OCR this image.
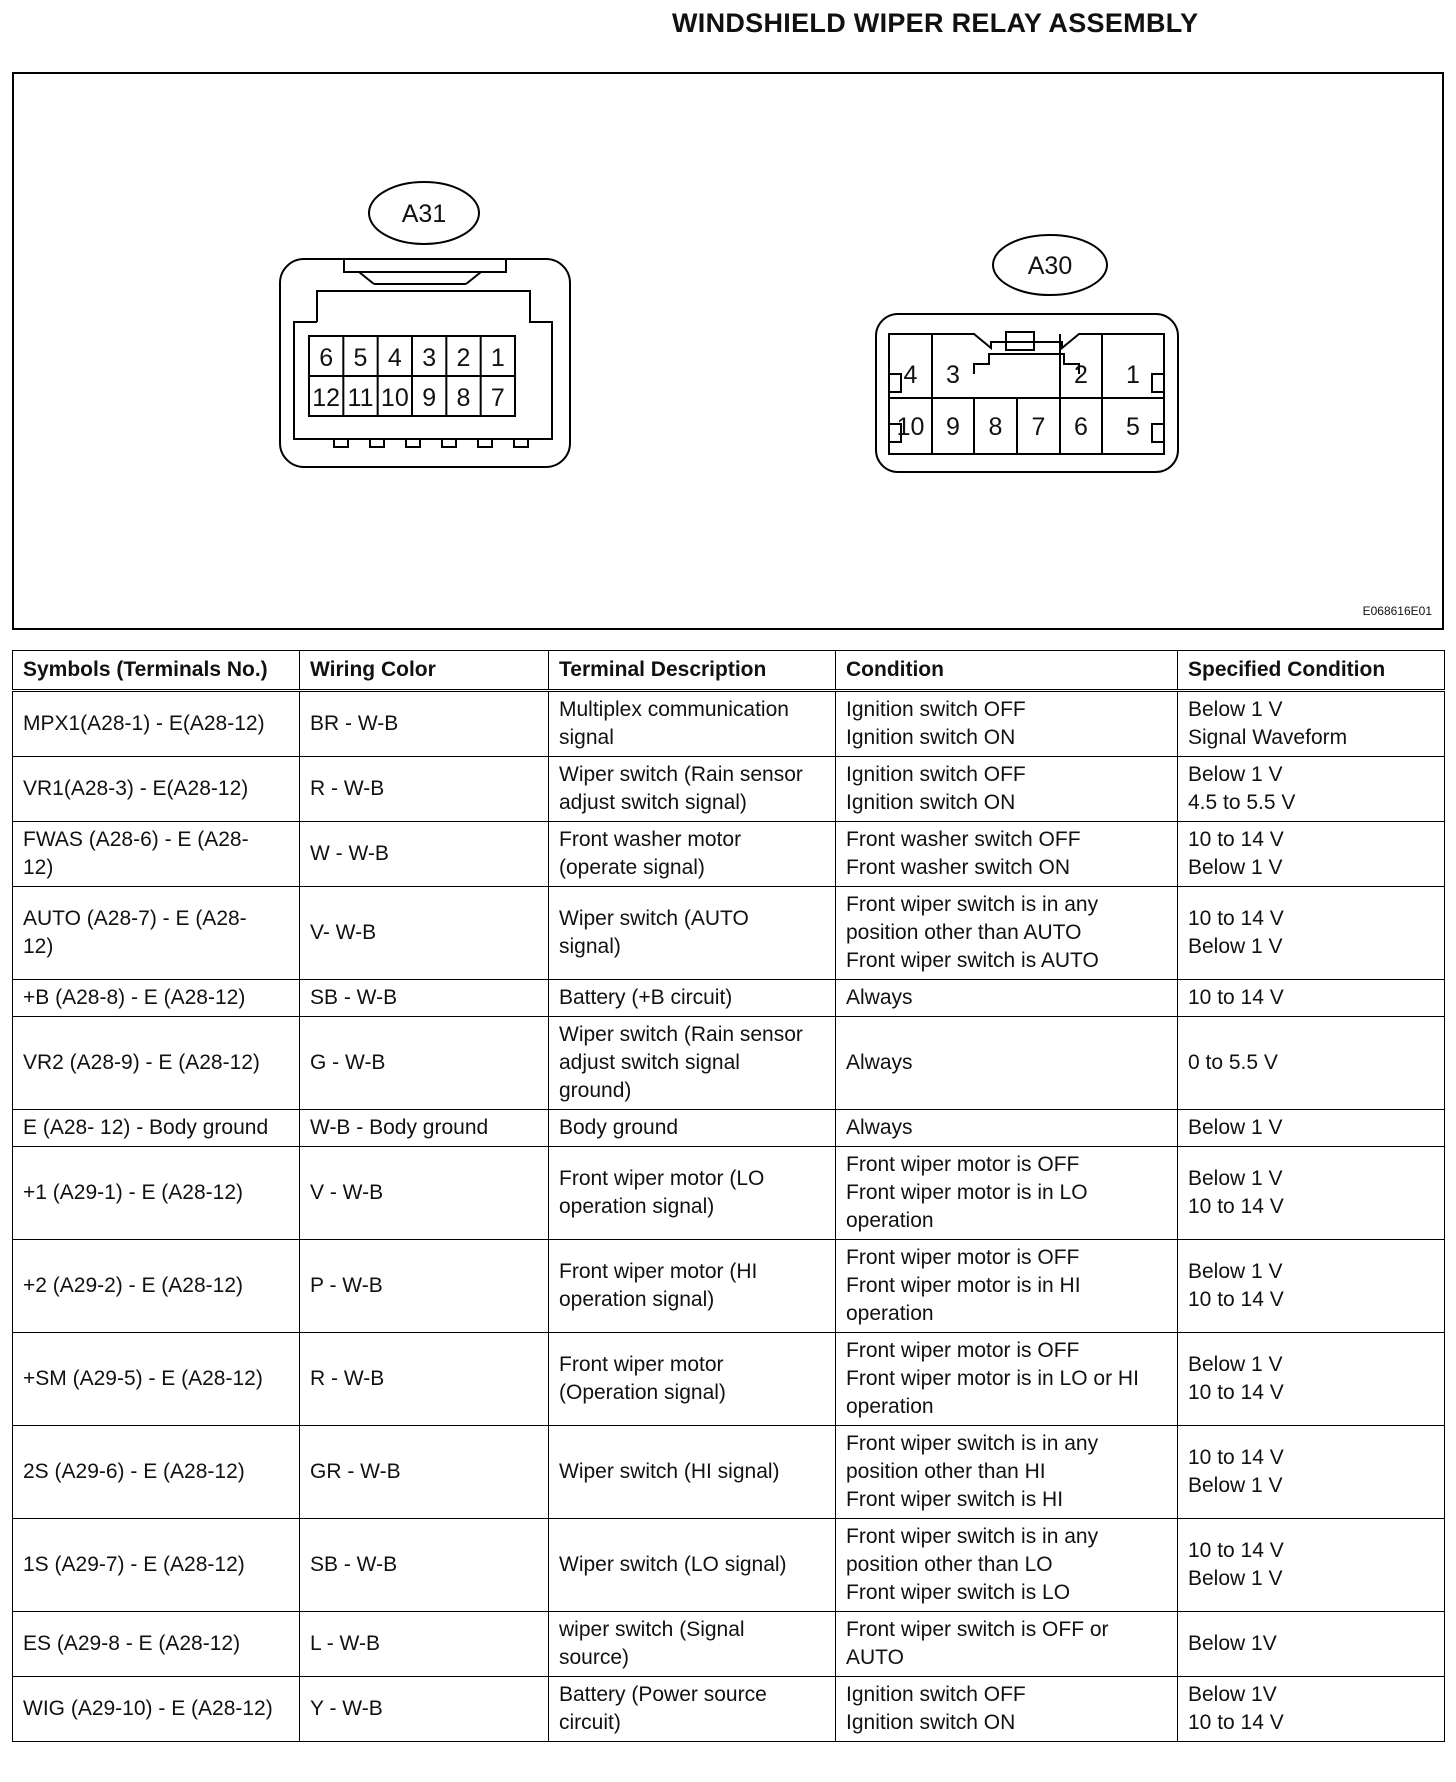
WINDSHIELD WIPER RELAY ASSEMBLY
6 5 4 3 2 1
12 11 10 9 8 7
A31
4 3	2 1
10 9 8 7 6 5
A30
E068616E01
Symbols (Terminals No.)	Wiring Color	Terminal Description	Condition	Specified Condition

MPX1(A28-1) - E(A28-12)	BR - W-B	Multiplex communication
signal	Ignition switch OFF
Ignition switch ON	Below 1 V
Signal Waveform

VR1(A28-3) - E(A28-12)	R - W-B	Wiper switch (Rain sensor
adjust switch signal)	Ignition switch OFF
Ignition switch ON	Below 1 V
4.5 to 5.5 V

FWAS (A28-6) - E (A28-
12)	W - W-B	Front washer motor
(operate signal)	Front washer switch OFF
Front washer switch ON	10 to 14 V
Below 1 V

AUTO (A28-7) - E (A28-
12)	V- W-B	Wiper switch (AUTO
signal)	Front wiper switch is in any
position other than AUTO
Front wiper switch is AUTO	10 to 14 V
Below 1 V

+B (A28-8) - E (A28-12)	SB - W-B	Battery (+B circuit)	Always	10 to 14 V

VR2 (A28-9) - E (A28-12)	G - W-B	Wiper switch (Rain sensor
adjust switch signal
ground)	Always	0 to 5.5 V

E (A28- 12) - Body ground	W-B - Body ground	Body ground	Always	Below 1 V

+1 (A29-1) - E (A28-12)	V - W-B	Front wiper motor (LO
operation signal)	Front wiper motor is OFF
Front wiper motor is in LO
operation	Below 1 V
10 to 14 V

+2 (A29-2) - E (A28-12)	P - W-B	Front wiper motor (HI
operation signal)	Front wiper motor is OFF
Front wiper motor is in HI
operation	Below 1 V
10 to 14 V

+SM (A29-5) - E (A28-12)	R - W-B	Front wiper motor
(Operation signal)	Front wiper motor is OFF
Front wiper motor is in LO or HI
operation	Below 1 V
10 to 14 V

2S (A29-6) - E (A28-12)	GR - W-B	Wiper switch (HI signal)	Front wiper switch is in any
position other than HI
Front wiper switch is HI	10 to 14 V
Below 1 V

1S (A29-7) - E (A28-12)	SB - W-B	Wiper switch (LO signal)	Front wiper switch is in any
position other than LO
Front wiper switch is LO	10 to 14 V
Below 1 V

ES (A29-8 - E (A28-12)	L - W-B	wiper switch (Signal
source)	Front wiper switch is OFF or
AUTO	Below 1V

WIG (A29-10) - E (A28-12)	Y - W-B	Battery (Power source
circuit)	Ignition switch OFF
Ignition switch ON	Below 1V
10 to 14 V
